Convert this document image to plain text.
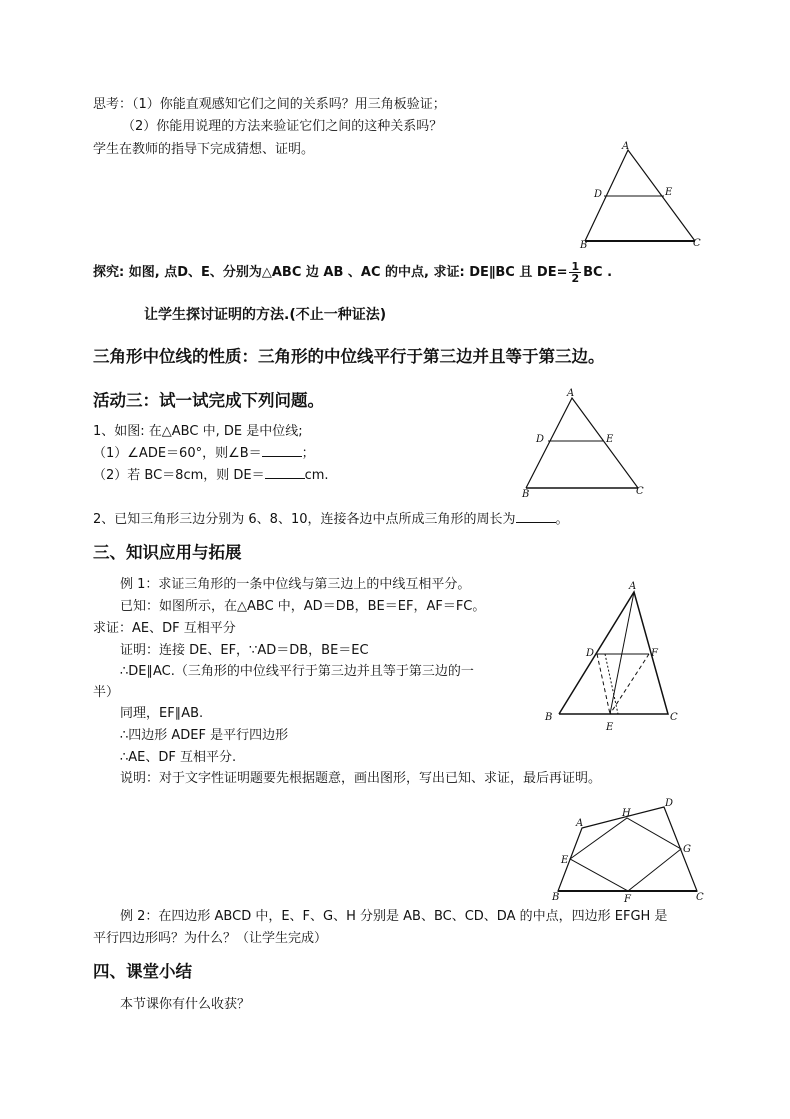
思考：（1）你能直观感知它们之间的关系吗？用三角板验证；
（2）你能用说理的方法来验证它们之间的这种关系吗？
学生在教师的指导下完成猜想、证明。	A
D	E
B	C
探究: 如图, 点D、E、分别为△ABC 边 AB 、AC 的中点, 求证: DE∥BC 且 $DE= \frac{1}{2}$ BC .
让学生探讨证明的方法.(不止一种证法)
三角形中位线的性质：三角形的中位线平行于第三边并且等于第三边。
活动三：试一试完成下列问题。
1、如图: 在△ABC 中, DE 是中位线;
（1）∠ADE＝60°，则∠B＝	；
（2）若 BC＝8cm，则 DE＝	cm.
A
D	E
B	C
2、已知三角形三边分别为 6、8、10，连接各边中点所成三角形的周长为	。
三、知识应用与拓展
例 1：求证三角形的一条中位线与第三边上的中线互相平分。
已知：如图所示，在△ABC 中，AD＝DB，BE＝EF，AF＝FC。
求证：AE、DF 互相平分
证明：连接 DE、EF，∵AD＝DB，BE＝EC
∴DE∥AC.（三角形的中位线平行于第三边并且等于第三边的一
半）
同理，EF∥AB.
∴四边形 ADEF 是平行四边形
∴AE、DF 互相平分.
说明：对于文字性证明题要先根据题意，画出图形，写出已知、求证，最后再证明。
A
D	F
B	C
E
A
D
H
E
G
B	F	C
例 2：在四边形 ABCD 中，E、F、G、H 分别是 AB、BC、CD、DA 的中点，四边形 EFGH 是
平行四边形吗？为什么？（让学生完成）
四、课堂小结
本节课你有什么收获？
